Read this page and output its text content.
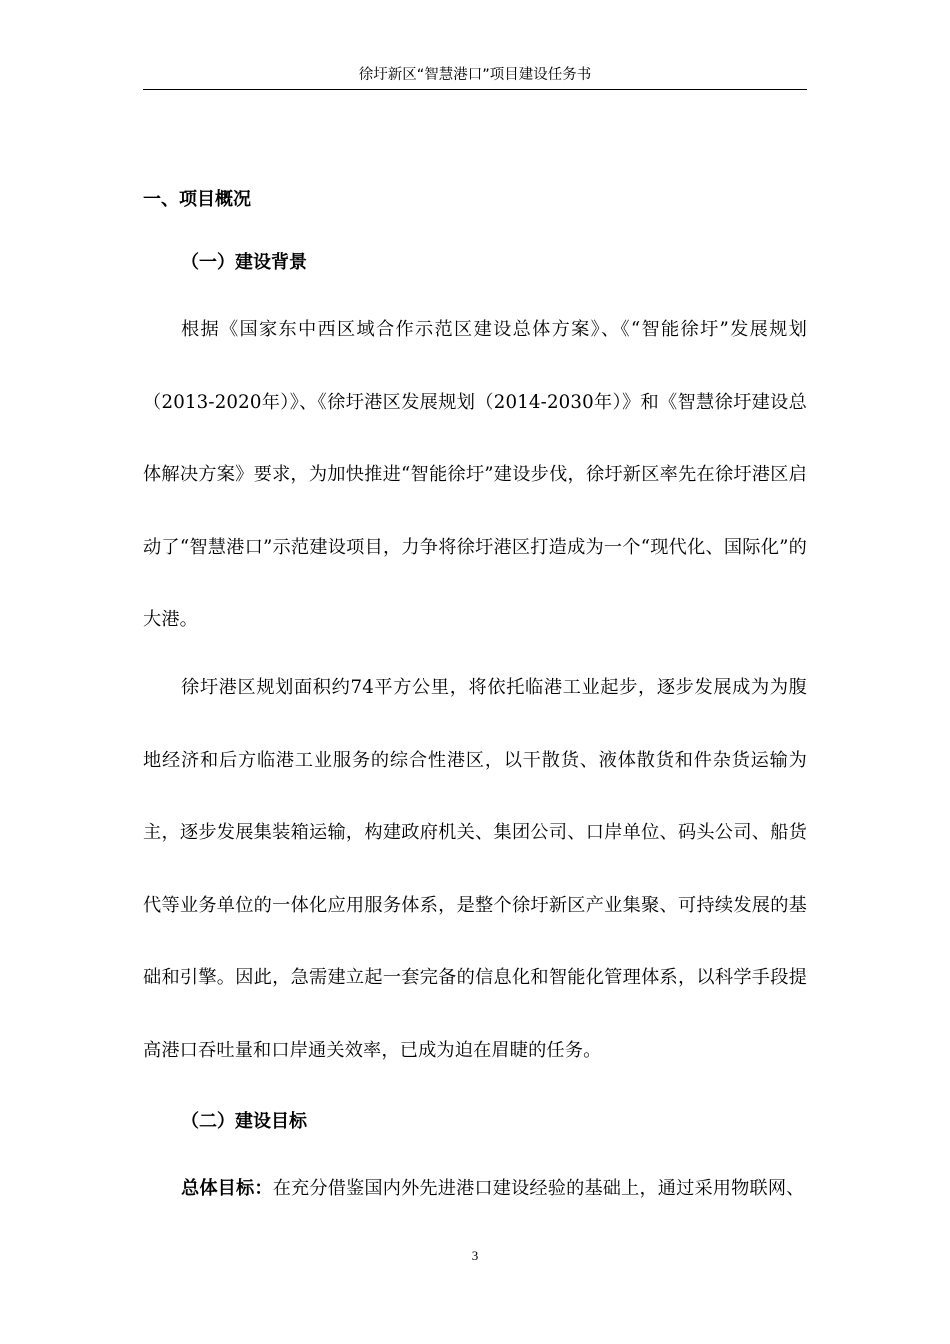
徐圩新区“智慧港口”项目建设任务书
一、项目概况
（一）建设背景

根据《国家东中西区域合作示范区建设总体方案》、《“智能徐圩”发展规划（2013-2020年）》、《徐圩港区发展规划（2014-2030年）》和《智慧徐圩建设总体解决方案》要求，为加快推进“智能徐圩”建设步伐，徐圩新区率先在徐圩港区启动了“智慧港口”示范建设项目，力争将徐圩港区打造成为一个“现代化、国际化”的大港。

徐圩港区规划面积约74平方公里，将依托临港工业起步，逐步发展成为为腹地经济和后方临港工业服务的综合性港区，以干散货、液体散货和件杂货运输为主，逐步发展集装箱运输，构建政府机关、集团公司、口岸单位、码头公司、船货代等业务单位的一体化应用服务体系，是整个徐圩新区产业集聚、可持续发展的基础和引擎。因此，急需建立起一套完备的信息化和智能化管理体系，以科学手段提高港口吞吐量和口岸通关效率，已成为迫在眉睫的任务。

（二）建设目标

总体目标：在充分借鉴国内外先进港口建设经验的基础上，通过采用物联网、

3
